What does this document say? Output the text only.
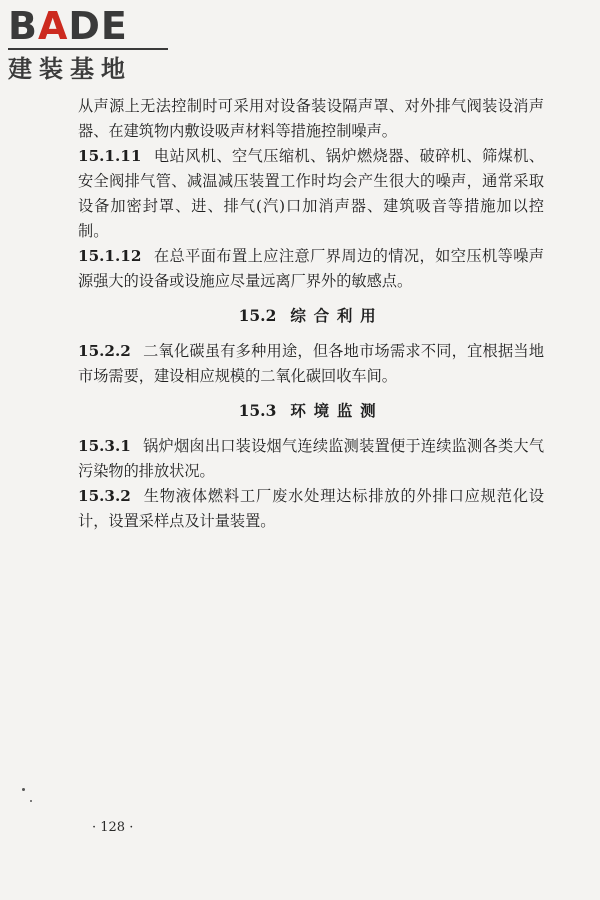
BADE
建装基地

从声源上无法控制时可采用对设备装设隔声罩、对外排气阀装设消声器、在建筑物内敷设吸声材料等措施控制噪声。

15.1.11 电站风机、空气压缩机、锅炉燃烧器、破碎机、筛煤机、安全阀排气管、减温减压装置工作时均会产生很大的噪声，通常采取设备加密封罩、进、排气(汽)口加消声器、建筑吸音等措施加以控制。

15.1.12 在总平面布置上应注意厂界周边的情况，如空压机等噪声源强大的设备或设施应尽量远离厂界外的敏感点。

15.2 综合利用

15.2.2 二氧化碳虽有多种用途，但各地市场需求不同，宜根据当地市场需要，建设相应规模的二氧化碳回收车间。

15.3 环境监测

15.3.1 锅炉烟囱出口装设烟气连续监测装置便于连续监测各类大气污染物的排放状况。

15.3.2 生物液体燃料工厂废水处理达标排放的外排口应规范化设计，设置采样点及计量装置。

· 128 ·
